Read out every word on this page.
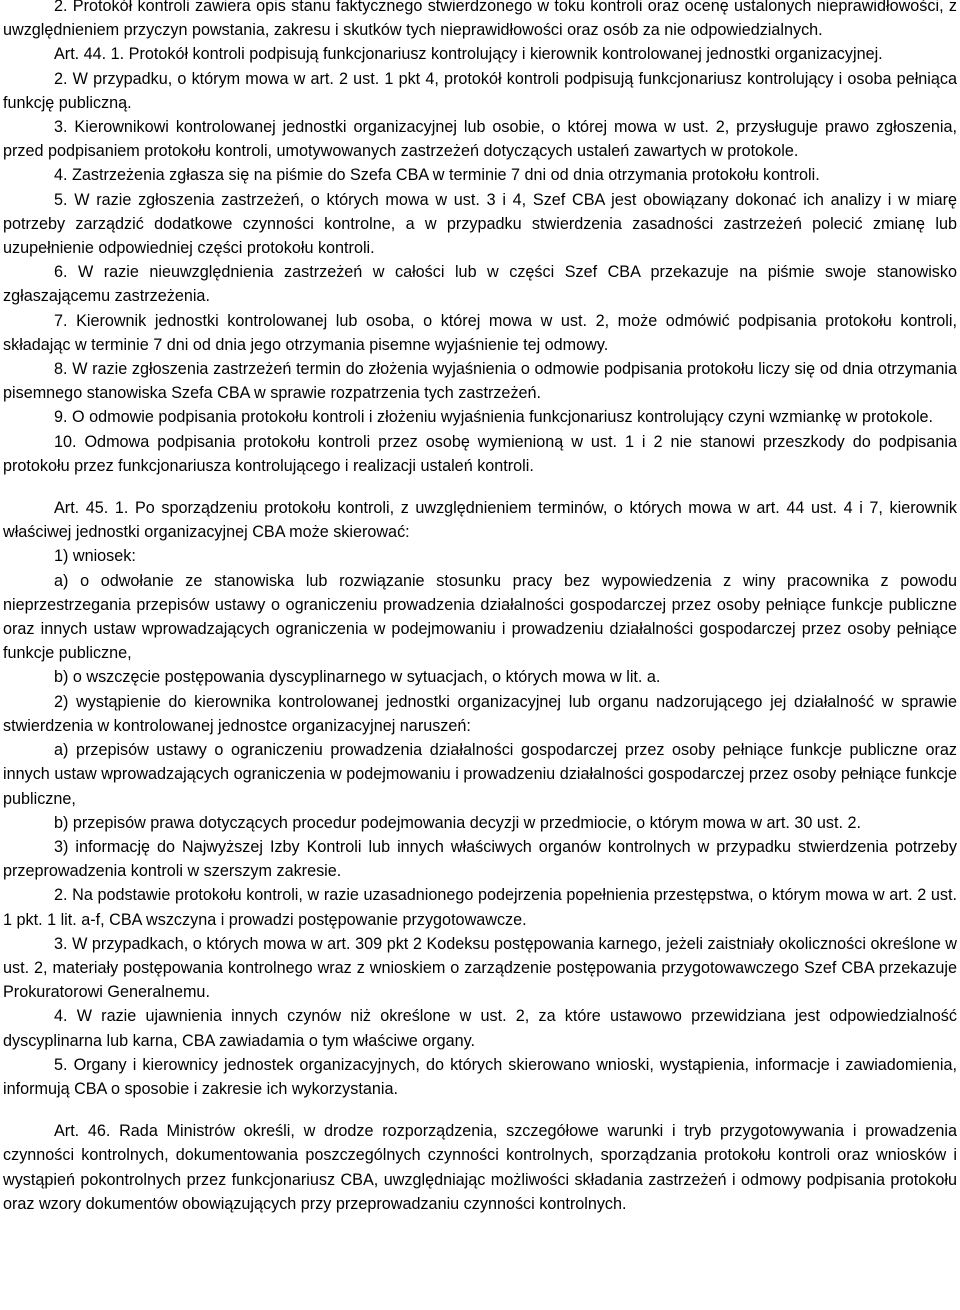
2. Protokół kontroli zawiera opis stanu faktycznego stwierdzonego w toku kontroli oraz ocenę ustalonych nieprawidłowości, z uwzględnieniem przyczyn powstania, zakresu i skutków tych nieprawidłowości oraz osób za nie odpowiedzialnych.

Art. 44. 1. Protokół kontroli podpisują funkcjonariusz kontrolujący i kierownik kontrolowanej jednostki organizacyjnej.

2. W przypadku, o którym mowa w art. 2 ust. 1 pkt 4, protokół kontroli podpisują funkcjonariusz kontrolujący i osoba pełniąca funkcję publiczną.

3. Kierownikowi kontrolowanej jednostki organizacyjnej lub osobie, o której mowa w ust. 2, przysługuje prawo zgłoszenia, przed podpisaniem protokołu kontroli, umotywowanych zastrzeżeń dotyczących ustaleń zawartych w protokole.

4. Zastrzeżenia zgłasza się na piśmie do Szefa CBA w terminie 7 dni od dnia otrzymania protokołu kontroli.

5. W razie zgłoszenia zastrzeżeń, o których mowa w ust. 3 i 4, Szef CBA jest obowiązany dokonać ich analizy i w miarę potrzeby zarządzić dodatkowe czynności kontrolne, a w przypadku stwierdzenia zasadności zastrzeżeń polecić zmianę lub uzupełnienie odpowiedniej części protokołu kontroli.

6. W razie nieuwzględnienia zastrzeżeń w całości lub w części Szef CBA przekazuje na piśmie swoje stanowisko zgłaszającemu zastrzeżenia.

7. Kierownik jednostki kontrolowanej lub osoba, o której mowa w ust. 2, może odmówić podpisania protokołu kontroli, składając w terminie 7 dni od dnia jego otrzymania pisemne wyjaśnienie tej odmowy.

8. W razie zgłoszenia zastrzeżeń termin do złożenia wyjaśnienia o odmowie podpisania protokołu liczy się od dnia otrzymania pisemnego stanowiska Szefa CBA w sprawie rozpatrzenia tych zastrzeżeń.

9. O odmowie podpisania protokołu kontroli i złożeniu wyjaśnienia funkcjonariusz kontrolujący czyni wzmiankę w protokole.

10. Odmowa podpisania protokołu kontroli przez osobę wymienioną w ust. 1 i 2 nie stanowi przeszkody do podpisania protokołu przez funkcjonariusza kontrolującego i realizacji ustaleń kontroli.

Art. 45. 1. Po sporządzeniu protokołu kontroli, z uwzględnieniem terminów, o których mowa w art. 44 ust. 4 i 7, kierownik właściwej jednostki organizacyjnej CBA może skierować:

1) wniosek:

a) o odwołanie ze stanowiska lub rozwiązanie stosunku pracy bez wypowiedzenia z winy pracownika z powodu nieprzestrzegania przepisów ustawy o ograniczeniu prowadzenia działalności gospodarczej przez osoby pełniące funkcje publiczne oraz innych ustaw wprowadzających ograniczenia w podejmowaniu i prowadzeniu działalności gospodarczej przez osoby pełniące funkcje publiczne,

b) o wszczęcie postępowania dyscyplinarnego w sytuacjach, o których mowa w lit. a.

2) wystąpienie do kierownika kontrolowanej jednostki organizacyjnej lub organu nadzorującego jej działalność w sprawie stwierdzenia w kontrolowanej jednostce organizacyjnej naruszeń:

a) przepisów ustawy o ograniczeniu prowadzenia działalności gospodarczej przez osoby pełniące funkcje publiczne oraz innych ustaw wprowadzających ograniczenia w podejmowaniu i prowadzeniu działalności gospodarczej przez osoby pełniące funkcje publiczne,

b) przepisów prawa dotyczących procedur podejmowania decyzji w przedmiocie, o którym mowa w art. 30 ust. 2.

3) informację do Najwyższej Izby Kontroli lub innych właściwych organów kontrolnych w przypadku stwierdzenia potrzeby przeprowadzenia kontroli w szerszym zakresie.

2. Na podstawie protokołu kontroli, w razie uzasadnionego podejrzenia popełnienia przestępstwa, o którym mowa w art. 2 ust. 1 pkt. 1 lit. a-f, CBA wszczyna i prowadzi postępowanie przygotowawcze.

3. W przypadkach, o których mowa w art. 309 pkt 2 Kodeksu postępowania karnego, jeżeli zaistniały okoliczności określone w ust. 2, materiały postępowania kontrolnego wraz z wnioskiem o zarządzenie postępowania przygotowawczego Szef CBA przekazuje Prokuratorowi Generalnemu.

4. W razie ujawnienia innych czynów niż określone w ust. 2, za które ustawowo przewidziana jest odpowiedzialność dyscyplinarna lub karna, CBA zawiadamia o tym właściwe organy.

5. Organy i kierownicy jednostek organizacyjnych, do których skierowano wnioski, wystąpienia, informacje i zawiadomienia, informują CBA o sposobie i zakresie ich wykorzystania.

Art. 46. Rada Ministrów określi, w drodze rozporządzenia, szczegółowe warunki i tryb przygotowywania i prowadzenia czynności kontrolnych, dokumentowania poszczególnych czynności kontrolnych, sporządzania protokołu kontroli oraz wniosków i wystąpień pokontrolnych przez funkcjonariusz CBA, uwzględniając możliwości składania zastrzeżeń i odmowy podpisania protokołu oraz wzory dokumentów obowiązujących przy przeprowadzaniu czynności kontrolnych.
